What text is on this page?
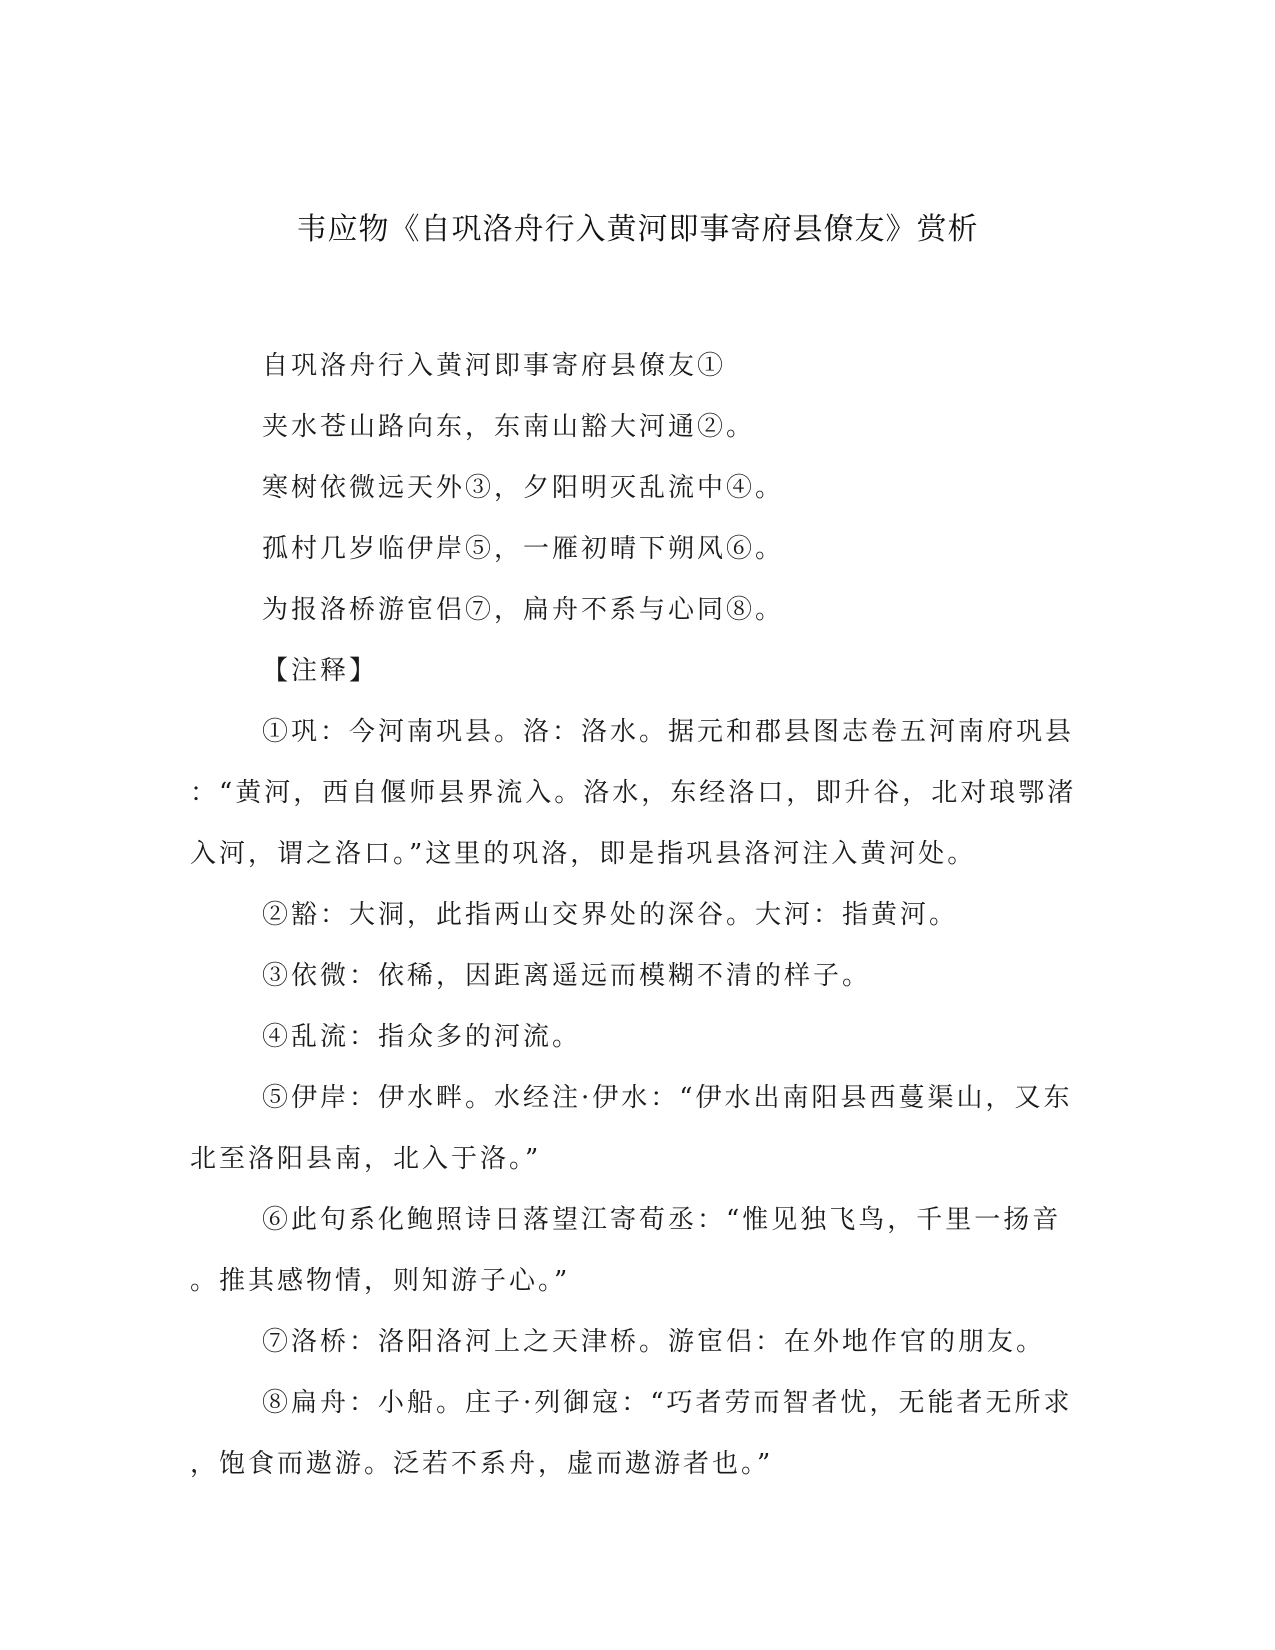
韦应物《自巩洛舟行入黄河即事寄府县僚友》赏析
自巩洛舟行入黄河即事寄府县僚友①
夹水苍山路向东，东南山豁大河通②。
寒树依微远天外③，夕阳明灭乱流中④。
孤村几岁临伊岸⑤，一雁初晴下朔风⑥。
为报洛桥游宦侣⑦，扁舟不系与心同⑧。
【注释】
①巩：今河南巩县。洛：洛水。据元和郡县图志卷五河南府巩县
：“黄河，西自偃师县界流入。洛水，东经洛口，即升谷，北对琅鄂渚
入河，谓之洛口。”这里的巩洛，即是指巩县洛河注入黄河处。
②豁：大洞，此指两山交界处的深谷。大河：指黄河。
③依微：依稀，因距离遥远而模糊不清的样子。
④乱流：指众多的河流。
⑤伊岸：伊水畔。水经注·伊水：“伊水出南阳县西蔓渠山，又东
北至洛阳县南，北入于洛。”
⑥此句系化鲍照诗日落望江寄荀丞：“惟见独飞鸟，千里一扬音
。推其感物情，则知游子心。”
⑦洛桥：洛阳洛河上之天津桥。游宦侣：在外地作官的朋友。
⑧扁舟：小船。庄子·列御寇：“巧者劳而智者忧，无能者无所求
，饱食而遨游。泛若不系舟，虚而遨游者也。”
